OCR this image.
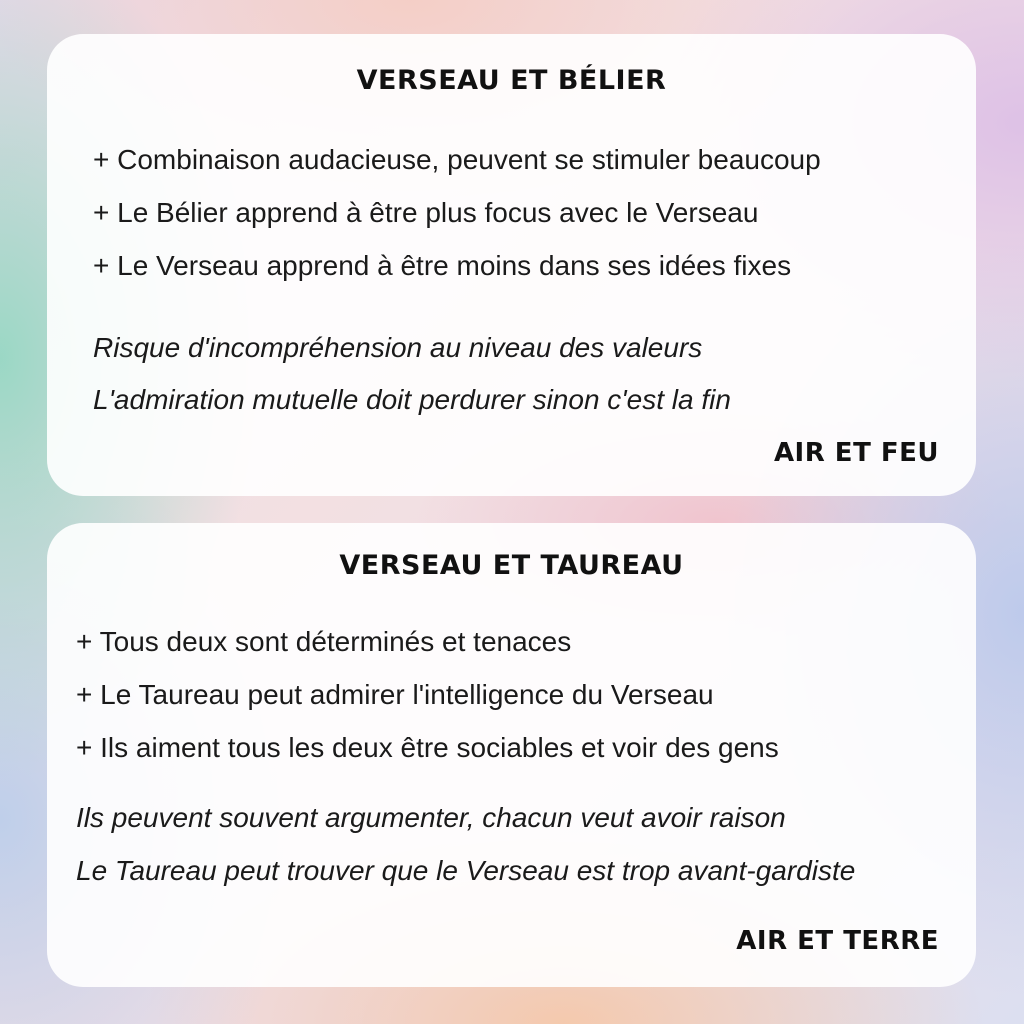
VERSEAU ET BÉLIER
+ Combinaison audacieuse, peuvent se stimuler beaucoup
+ Le Bélier apprend à être plus focus avec le Verseau
+ Le Verseau apprend à être moins dans ses idées fixes
Risque d'incompréhension au niveau des valeurs
L'admiration mutuelle doit perdurer sinon c'est la fin
AIR ET FEU
VERSEAU ET TAUREAU
+ Tous deux sont déterminés et tenaces
+ Le Taureau peut admirer l'intelligence du Verseau
+ Ils aiment tous les deux être sociables et voir des gens
Ils peuvent souvent argumenter, chacun veut avoir raison
Le Taureau peut trouver que le Verseau est trop avant-gardiste
AIR ET TERRE
